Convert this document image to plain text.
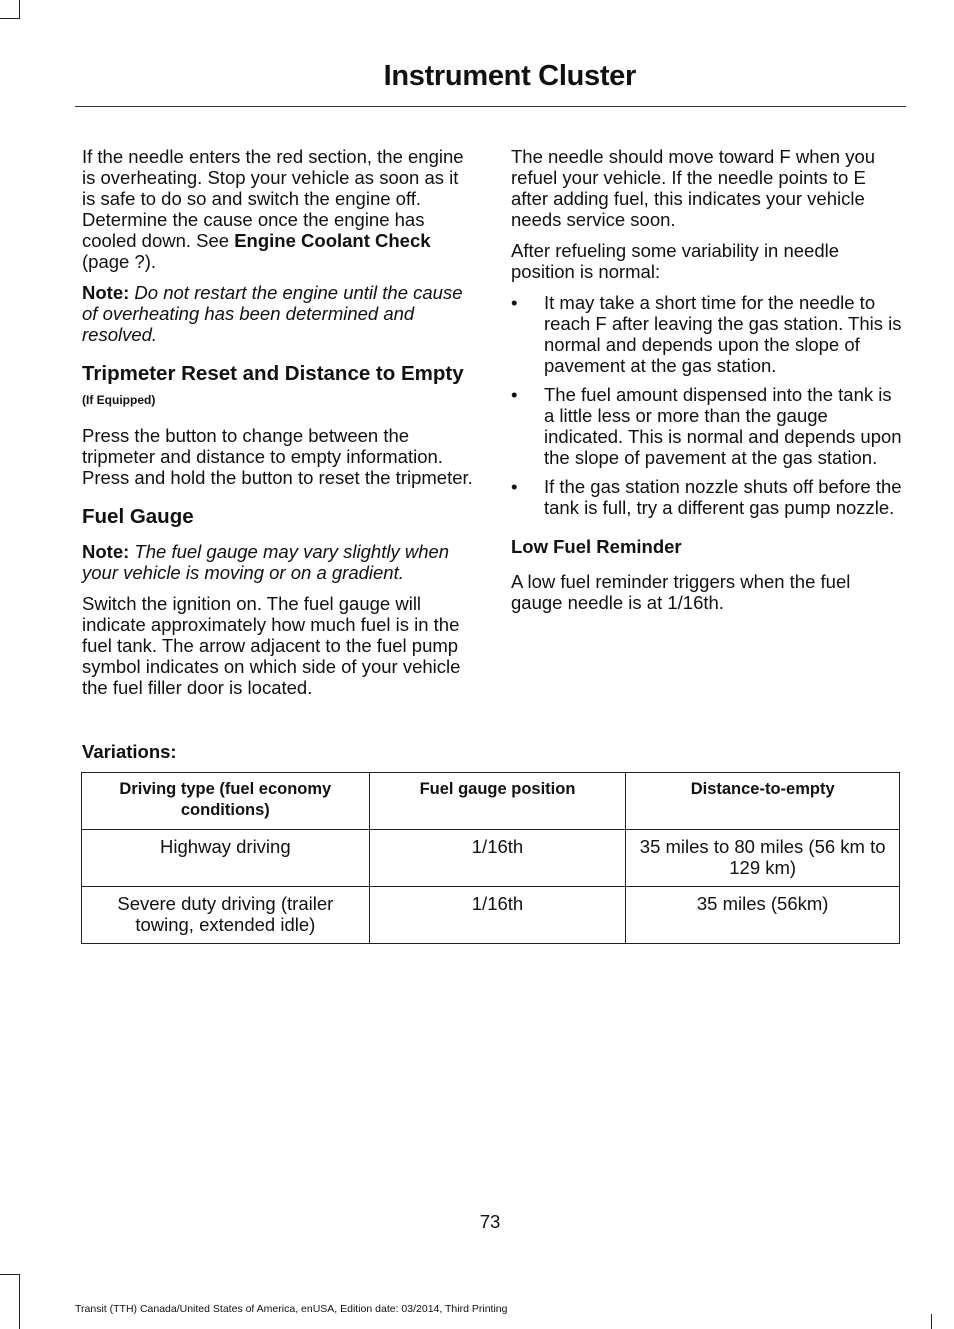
Instrument Cluster

If the needle enters the red section, the engine is overheating. Stop your vehicle as soon as it is safe to do so and switch the engine off. Determine the cause once the engine has cooled down. See Engine Coolant Check (page ?).

Note: Do not restart the engine until the cause of overheating has been determined and resolved.

Tripmeter Reset and Distance to Empty (If Equipped)

Press the button to change between the tripmeter and distance to empty information. Press and hold the button to reset the tripmeter.

Fuel Gauge

Note: The fuel gauge may vary slightly when your vehicle is moving or on a gradient.

Switch the ignition on. The fuel gauge will indicate approximately how much fuel is in the fuel tank. The arrow adjacent to the fuel pump symbol indicates on which side of your vehicle the fuel filler door is located.

The needle should move toward F when you refuel your vehicle. If the needle points to E after adding fuel, this indicates your vehicle needs service soon.

After refueling some variability in needle position is normal:

• It may take a short time for the needle to reach F after leaving the gas station. This is normal and depends upon the slope of pavement at the gas station.
• The fuel amount dispensed into the tank is a little less or more than the gauge indicated. This is normal and depends upon the slope of pavement at the gas station.
• If the gas station nozzle shuts off before the tank is full, try a different gas pump nozzle.
Low Fuel Reminder

A low fuel reminder triggers when the fuel gauge needle is at 1/16th.

Variations:
Driving type (fuel economy conditions)	Fuel gauge position	Distance-to-empty
Highway driving	1/16th	35 miles to 80 miles (56 km to 129 km)
Severe duty driving (trailer towing, extended idle)	1/16th	35 miles (56km)
73
Transit (TTH) Canada/United States of America, enUSA, Edition date: 03/2014, Third Printing
